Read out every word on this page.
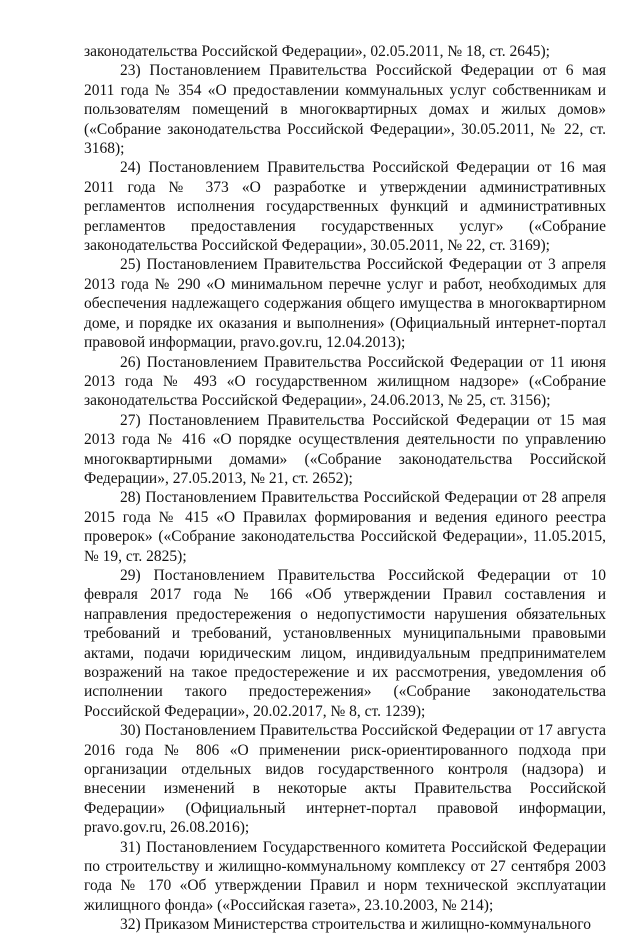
законодательства Российской Федерации», 02.05.2011, № 18, ст. 2645);

23) Постановлением Правительства Российской Федерации от 6 мая 2011 года № 354 «О предоставлении коммунальных услуг собственникам и пользователям помещений в многоквартирных домах и жилых домов» («Собрание законодательства Российской Федерации», 30.05.2011, № 22, ст. 3168);

24) Постановлением Правительства Российской Федерации от 16 мая 2011 года № 373 «О разработке и утверждении административных регламентов исполнения государственных функций и административных регламентов предоставления государственных услуг» («Собрание законодательства Российской Федерации», 30.05.2011, № 22, ст. 3169);

25) Постановлением Правительства Российской Федерации от 3 апреля 2013 года № 290 «О минимальном перечне услуг и работ, необходимых для обеспечения надлежащего содержания общего имущества в многоквартирном доме, и порядке их оказания и выполнения» (Официальный интернет-портал правовой информации, pravo.gov.ru, 12.04.2013);

26) Постановлением Правительства Российской Федерации от 11 июня 2013 года № 493 «О государственном жилищном надзоре» («Собрание законодательства Российской Федерации», 24.06.2013, № 25, ст. 3156);

27) Постановлением Правительства Российской Федерации от 15 мая 2013 года № 416 «О порядке осуществления деятельности по управлению многоквартирными домами» («Собрание законодательства Российской Федерации», 27.05.2013, № 21, ст. 2652);

28) Постановлением Правительства Российской Федерации от 28 апреля 2015 года № 415 «О Правилах формирования и ведения единого реестра проверок» («Собрание законодательства Российской Федерации», 11.05.2015, № 19, ст. 2825);

29) Постановлением Правительства Российской Федерации от 10 февраля 2017 года № 166 «Об утверждении Правил составления и направления предостережения о недопустимости нарушения обязательных требований и требований, установлвенных муниципальными правовыми актами, подачи юридическим лицом, индивидуальным предпринимателем возражений на такое предостережение и их рассмотрения, уведомления об исполнении такого предостережения» («Собрание законодательства Российской Федерации», 20.02.2017, № 8, ст. 1239);

30) Постановлением Правительства Российской Федерации от 17 августа 2016 года № 806 «О применении риск-ориентированного подхода при организации отдельных видов государственного контроля (надзора) и внесении изменений в некоторые акты Правительства Российской Федерации» (Официальный интернет-портал правовой информации, pravo.gov.ru, 26.08.2016);

31) Постановлением Государственного комитета Российской Федерации по строительству и жилищно-коммунальному комплексу от 27 сентября 2003 года № 170 «Об утверждении Правил и норм технической эксплуатации жилищного фонда» («Российская газета», 23.10.2003, № 214);

32) Приказом Министерства строительства и жилищно-коммунального
